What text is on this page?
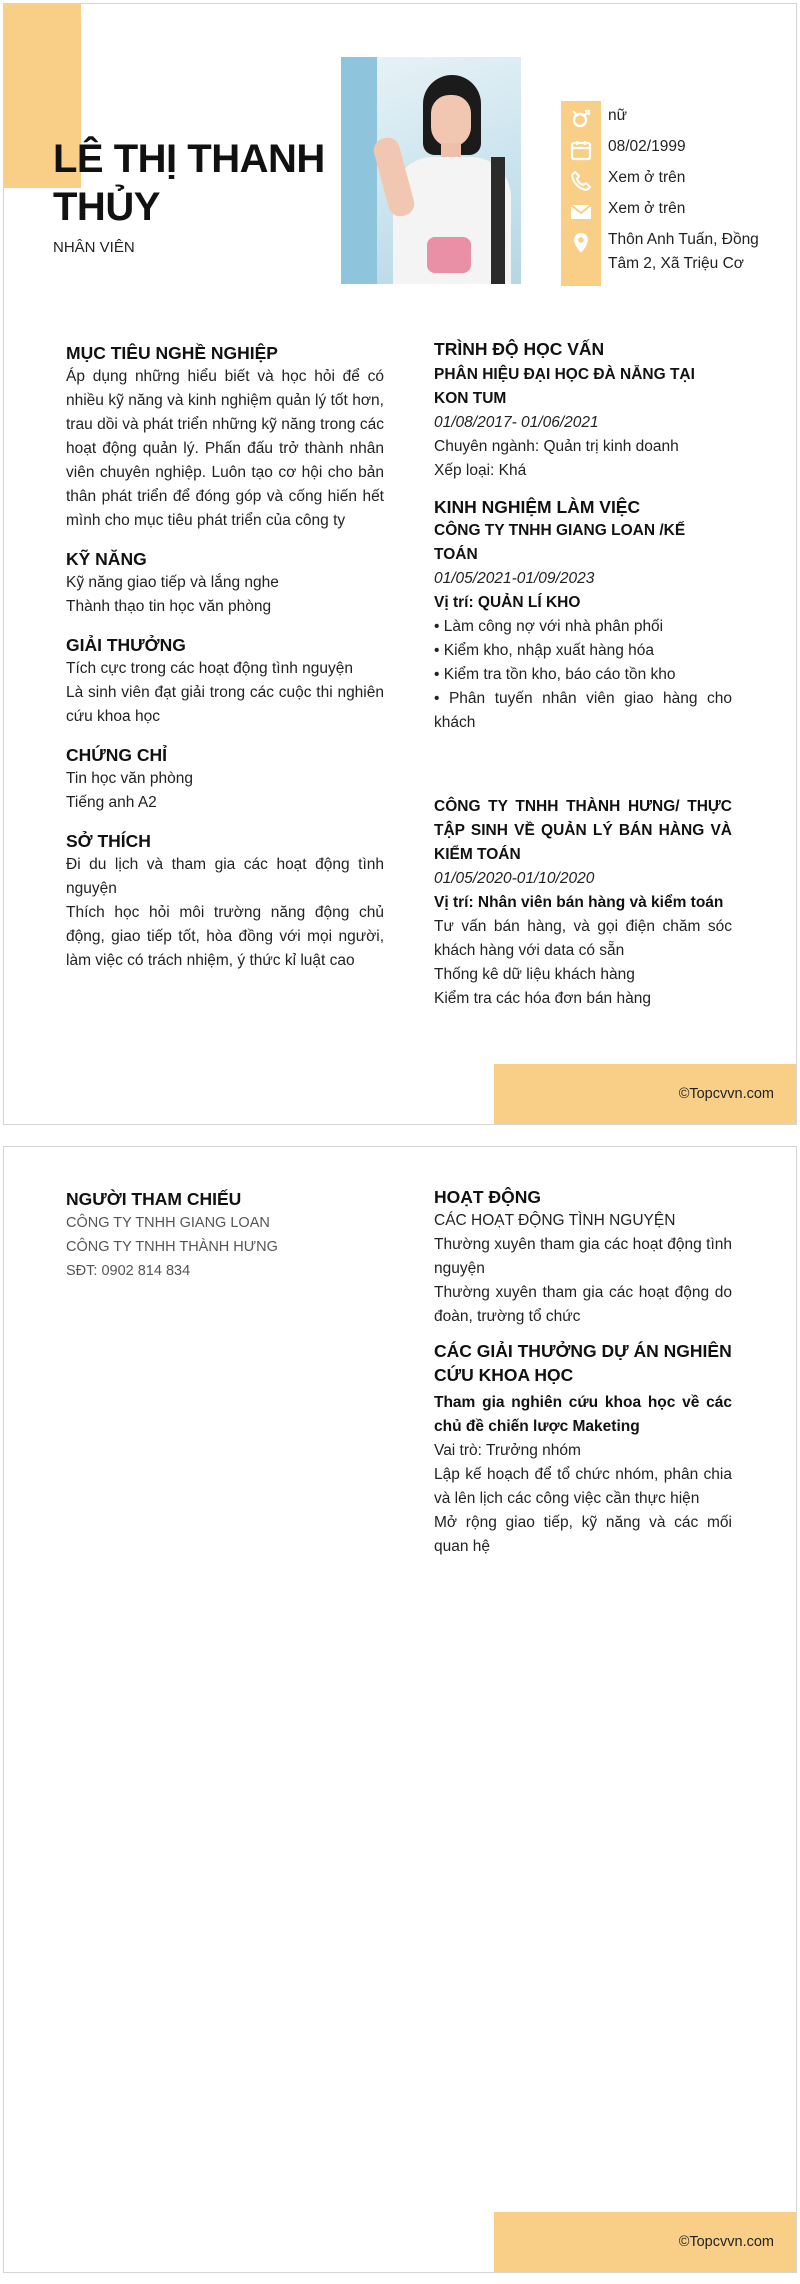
LÊ THỊ THANH
THỦY
NHÂN VIÊN
nữ
08/02/1999
Xem ở trên
Xem ở trên
Thôn Anh Tuấn, Đồng Tâm 2, Xã Triệu Cơ
MỤC TIÊU NGHỀ NGHIỆP
Áp dụng những hiểu biết và học hỏi để có nhiều kỹ năng và kinh nghiệm quản lý tốt hơn, trau dồi và phát triển những kỹ năng trong các hoạt động quản lý. Phấn đấu trở thành nhân viên chuyên nghiệp. Luôn tạo cơ hội cho bản thân phát triển để đóng góp và cống hiến hết mình cho mục tiêu phát triển của công ty
KỸ NĂNG
Kỹ năng giao tiếp và lắng nghe
Thành thạo tin học văn phòng
GIẢI THƯỞNG
Tích cực trong các hoạt động tình nguyện
Là sinh viên đạt giải trong các cuộc thi nghiên cứu khoa học
CHỨNG CHỈ
Tin học văn phòng
Tiếng anh A2
SỞ THÍCH
Đi du lịch và tham gia các hoạt động tình nguyện
Thích học hỏi môi trường năng động chủ động, giao tiếp tốt, hòa đồng với mọi người, làm việc có trách nhiệm, ý thức kỉ luật cao
TRÌNH ĐỘ HỌC VẤN
PHÂN HIỆU ĐẠI HỌC ĐÀ NẴNG TẠI KON TUM
01/08/2017- 01/06/2021
Chuyên ngành: Quản trị kinh doanh
Xếp loại: Khá
KINH NGHIỆM LÀM VIỆC
CÔNG TY TNHH GIANG LOAN /KẾ TOÁN
01/05/2021-01/09/2023
Vị trí: QUẢN LÍ KHO
• Làm công nợ với nhà phân phối
• Kiểm kho, nhập xuất hàng hóa
• Kiểm tra tồn kho, báo cáo tồn kho
• Phân tuyến nhân viên giao hàng cho khách
CÔNG TY TNHH THÀNH HƯNG/ THỰC TẬP SINH VỀ QUẢN LÝ BÁN HÀNG VÀ KIỂM TOÁN
01/05/2020-01/10/2020
Vị trí: Nhân viên bán hàng và kiểm toán
Tư vấn bán hàng, và gọi điện chăm sóc khách hàng với data có sẵn
Thống kê dữ liệu khách hàng
Kiểm tra các hóa đơn bán hàng
©Topcvvn.com
NGƯỜI THAM CHIẾU
CÔNG TY TNHH GIANG LOAN
CÔNG TY TNHH THÀNH HƯNG
SĐT: 0902 814 834
HOẠT ĐỘNG
CÁC HOẠT ĐỘNG TÌNH NGUYỆN
Thường xuyên tham gia các hoạt động tình nguyện
Thường xuyên tham gia các hoạt động do đoàn, trường tổ chức
CÁC GIẢI THƯỞNG DỰ ÁN NGHIÊN CỨU KHOA HỌC
Tham gia nghiên cứu khoa học về các chủ đề chiến lược Maketing
Vai trò: Trưởng nhóm
Lập kế hoạch để tổ chức nhóm, phân chia và lên lịch các công việc cần thực hiện
Mở rộng giao tiếp, kỹ năng và các mối quan hệ
©Topcvvn.com
